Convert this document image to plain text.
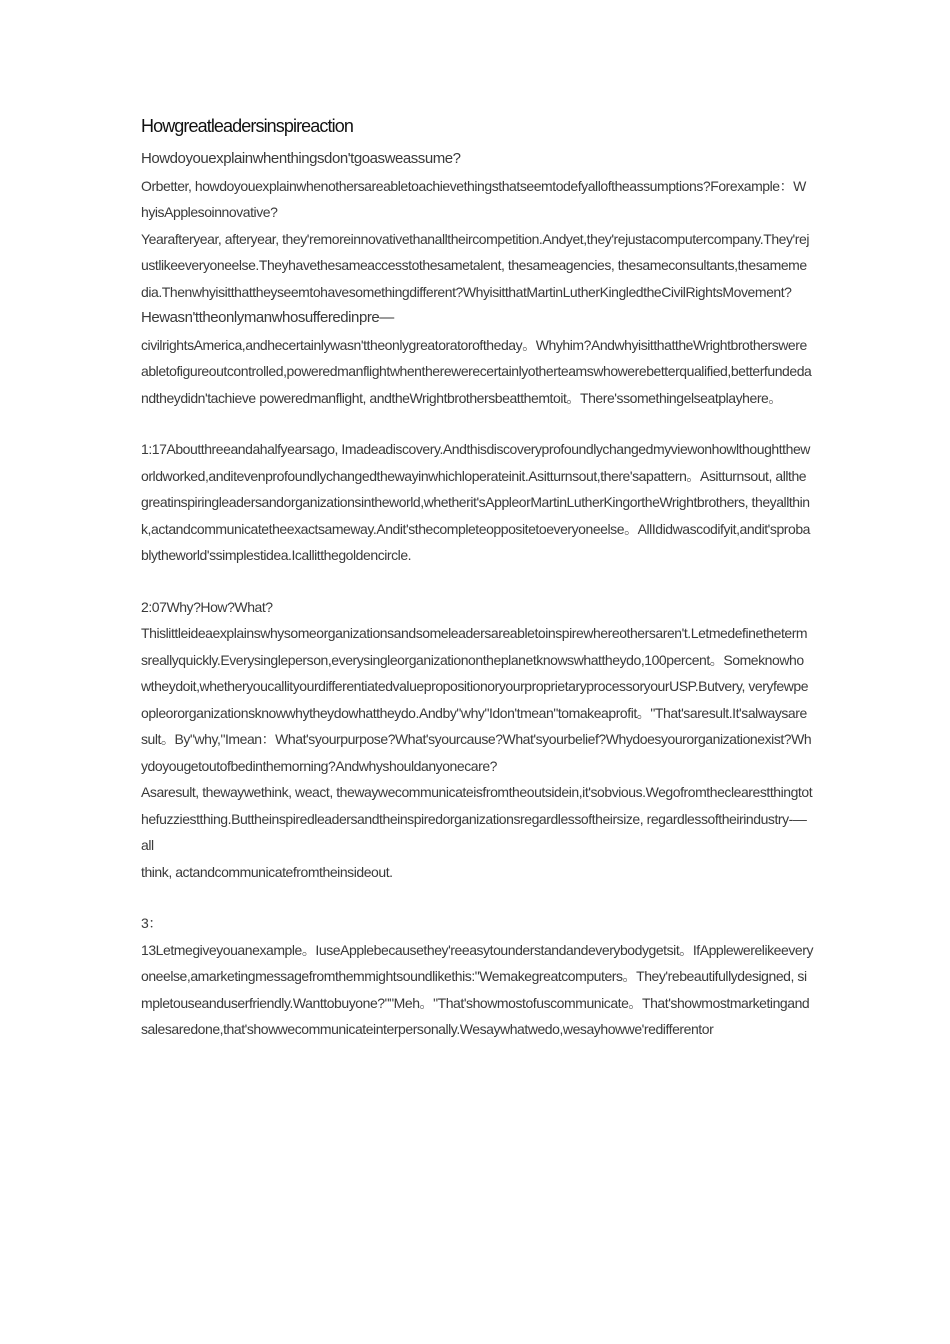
Howgreatleadersinspireaction

Howdoyouexplainwhenthingsdon'tgoasweassume?

Orbetter, howdoyouexplainwhenothersareabletoachievethingsthatseemtodefyalloftheassumptions?Forexample：WhyisApplesoinnovative?

Yearafteryear, afteryear, they'remoreinnovativethanalltheircompetition.Andyet,they'rejustacomputercompany.They'rejustlikeeveryoneelse.Theyhavethesameaccesstothesametalent, thesameagencies, thesameconsultants,thesamemedia.Thenwhyisitthattheyseemtohavesomethingdifferent?WhyisitthatMartinLutherKingledtheCivilRightsMovement?

Hewasn'ttheonlymanwhosufferedinpre—

civilrightsAmerica,andhecertainlywasn'ttheonlygreatoratoroftheday。Whyhim?AndwhyisitthattheWrightbrotherswereabletofigureoutcontrolled,poweredmanflightwhentherewerecertainlyotherteamswhowerebetterqualified,betterfundedandtheydidn'tachieve poweredmanflight, andtheWrightbrothersbeatthemtoit。There'ssomethingelseatplayhere。

1:17Aboutthreeandahalfyearsago, Imadeadiscovery.Andthisdiscoveryprofoundlychangedmyviewonhowlthoughttheworldworked,anditevenprofoundlychangedthewayinwhichloperateinit.Asitturnsout,there'sapattern。Asitturnsout, allthegreatinspiringleadersandorganizationsintheworld,whetherit'sAppleorMartinLutherKingortheWrightbrothers, theyallthink,actandcommunicatetheexactsameway.Andit'sthecompleteoppositetoeveryoneelse。AllIdidwascodifyit,andit'sprobablytheworld'ssimplestidea.Icallitthegoldencircle.

2:07Why?How?What?

Thislittleideaexplainswhysomeorganizationsandsomeleadersareabletoinspirewhereothersaren't.Letmedefinethetermsreallyquickly.Everysingleperson,everysingleorganizationontheplanetknowswhattheydo,100percent。Someknowhowtheydoit,whetheryoucallityourdifferentiatedvaluepropositionoryourproprietaryprocessoryourUSP.Butvery, veryfewpeopleororganizationsknowwhytheydowhattheydo.Andby"why"Idon'tmean"tomakeaprofit。"That'saresult.It'salwaysaresult。By"why,"Imean：What'syourpurpose?What'syourcause?What'syourbelief?Whydoesyourorganizationexist?Whydoyougetoutofbedinthemorning?Andwhyshouldanyonecare?

Asaresult, thewaywethink, weact, thewaywecommunicateisfromtheoutsidein,it'sobvious.Wegofromtheclearestthingtothefuzziestthing.Buttheinspiredleadersandtheinspiredorganizationsregardlessoftheirsize, regardlessoftheirindustry-—all

think, actandcommunicatefromtheinsideout.

3：

13Letmegiveyouanexample。IuseApplebecausethey'reeasytounderstandandeverybodygetsit。IfApplewerelikeeveryoneelse,amarketingmessagefromthemmightsoundlikethis:"Wemakegreatcomputers。They'rebeautifullydesigned, simpletouseanduserfriendly.Wanttobuyone?""Meh。"That'showmostofuscommunicate。That'showmostmarketingandsalesaredone,that'showwecommunicateinterpersonally.Wesaywhatwedo,wesayhowwe'redifferentor
